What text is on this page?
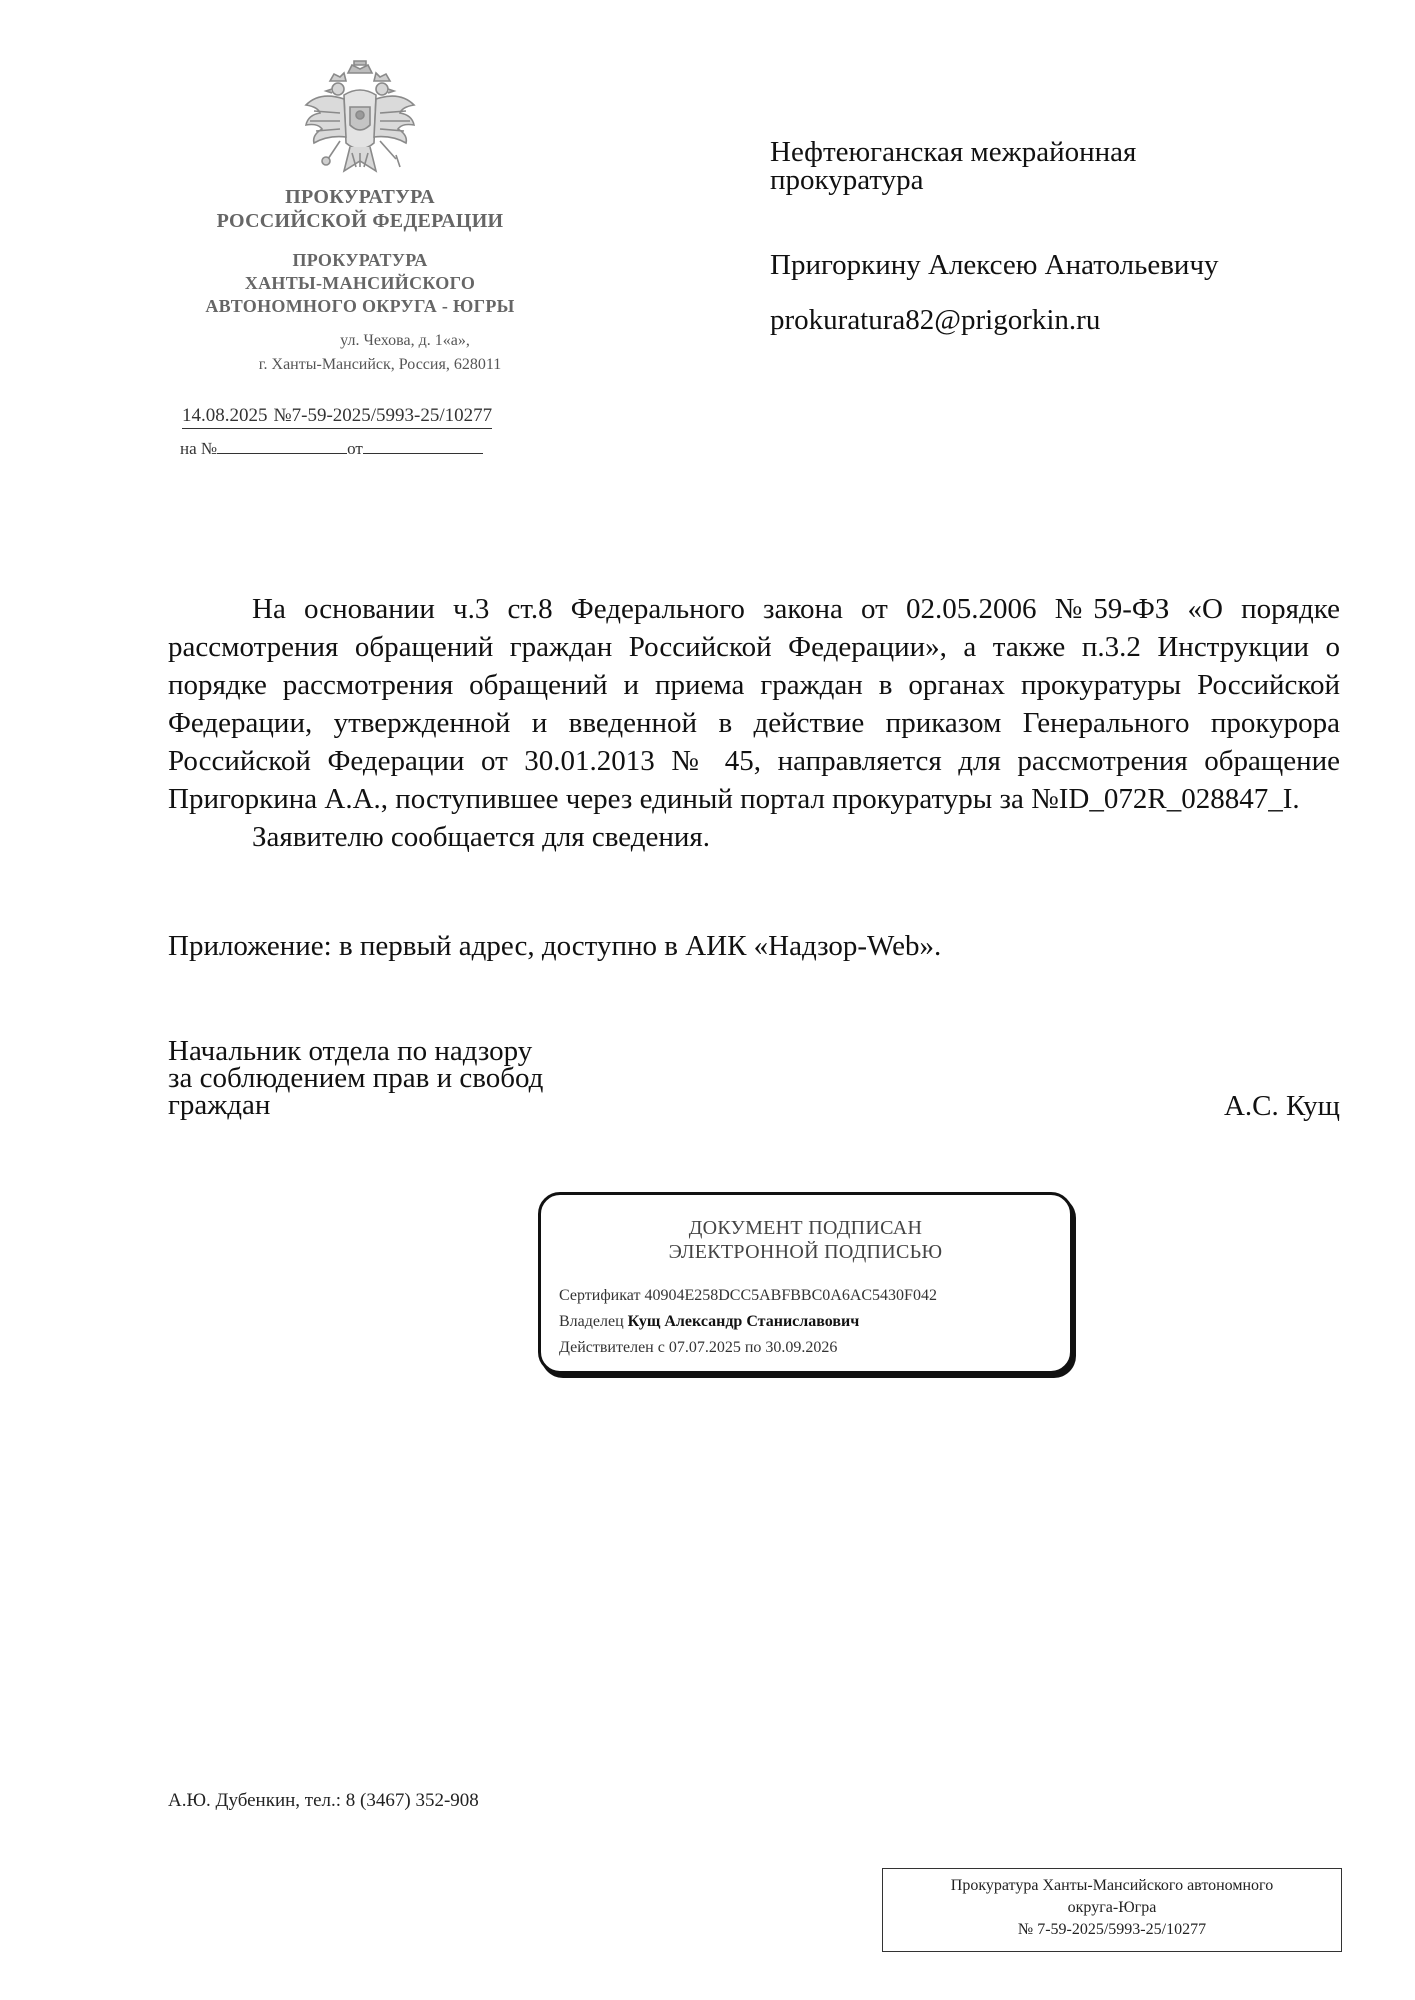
ПРОКУРАТУРА
РОССИЙСКОЙ ФЕДЕРАЦИИ
ПРОКУРАТУРА
ХАНТЫ-МАНСИЙСКОГО
АВТОНОМНОГО ОКРУГА - ЮГРЫ
ул. Чехова, д. 1«а»,
г. Ханты-Мансийск, Россия, 628011
14.08.2025 №7-59-2025/5993-25/10277
на №	от
Нефтеюганская межрайонная
прокуратура
Пригоркину Алексею Анатольевичу
prokuratura82@prigorkin.ru

На основании ч.3 ст.8 Федерального закона от 02.05.2006 №59-ФЗ «О порядке рассмотрения обращений граждан Российской Федерации», а также п.3.2 Инструкции о порядке рассмотрения обращений и приема граждан в органах прокуратуры Российской Федерации, утвержденной и введенной в действие приказом Генерального прокурора Российской Федерации от 30.01.2013 № 45, направляется для рассмотрения обращение Пригоркина А.А., поступившее через единый портал прокуратуры за №ID_072R_028847_I.

Заявителю сообщается для сведения.

Приложение: в первый адрес, доступно в АИК «Надзор-Web».
Начальник отдела по надзору
за соблюдением прав и свобод
граждан	А.С. Кущ
ДОКУМЕНТ ПОДПИСАН
ЭЛЕКТРОННОЙ ПОДПИСЬЮ
Сертификат 40904E258DCC5ABFBBC0A6AC5430F042
Владелец Кущ Александр Станиславович
Действителен с 07.07.2025 по 30.09.2026
А.Ю. Дубенкин, тел.: 8 (3467) 352-908
Прокуратура Ханты-Мансийского автономного
округа-Югра
№ 7-59-2025/5993-25/10277
